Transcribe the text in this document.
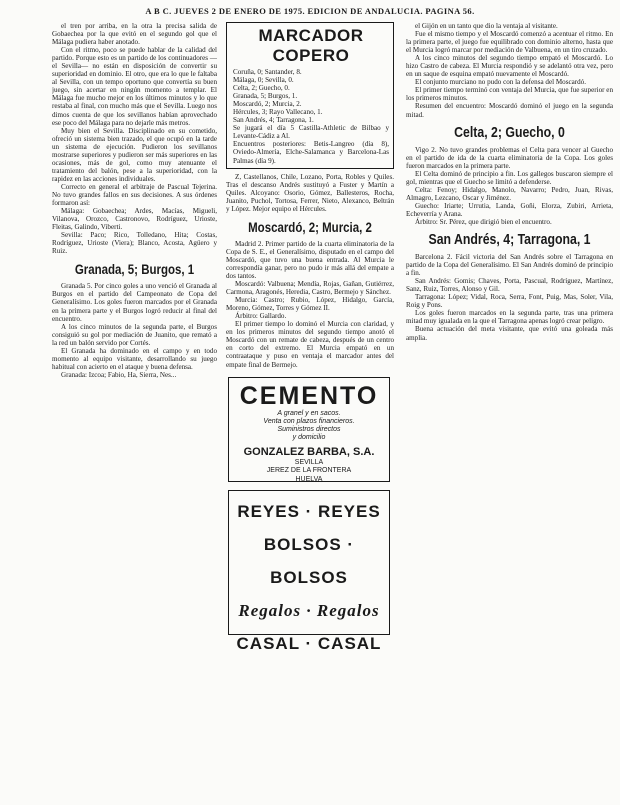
A B C. JUEVES 2 DE ENERO DE 1975. EDICION DE ANDALUCIA. PAGINA 56.

el tren por arriba, en la otra la precisa salida de Gobaechea por la que evitó en el segundo gol que el Málaga pudiera haber anotado.

Con el ritmo, poco se puede hablar de la calidad del partido. Porque esto es un partido de los continuadores —el Sevilla— no están en disposición de convertir su superioridad en dominio. El otro, que era lo que le faltaba al Sevilla, con un tempo oportuno que convertía su buen juego, sin acertar en ningún momento a templar. El Málaga fue mucho mejor en los últimos minutos y lo que restaba al final, con mucho más que el Sevilla. Luego nos dimos cuenta de que los sevillanos habían aprovechado ese poco del Málaga para no dejarle más metros.

Muy bien el Sevilla. Disciplinado en su cometido, ofreció un sistema bien trazado, el que ocupó en la tarde un sistema de ejecución. Pudieron los sevillanos mostrarse superiores y pudieron ser más superiores en las ocasiones, más de gol, como muy atenuante el tratamiento del balón, pese a la superioridad, con la rapidez en las acciones individuales.

Correcto en general el arbitraje de Pascual Tejerina. No tuvo grandes fallos en sus decisiones. A sus órdenes formaron así:

Málaga: Gobaechea; Ardes, Macías, Migueli, Vilanova, Orozco, Castronovo, Rodríguez, Urioste, Fleitas, Galindo, Viberti.

Sevilla: Paco; Rico, Tolledano, Hita; Costas, Rodríguez, Urioste (Viera); Blanco, Acosta, Agüero y Ruiz.

Granada, 5; Burgos, 1

Granada 5. Por cinco goles a uno venció el Granada al Burgos en el partido del Campeonato de Copa del Generalísimo. Los goles fueron marcados por el Granada en la primera parte y el Burgos logró reducir al final del encuentro.

A los cinco minutos de la segunda parte, el Burgos consiguió su gol por mediación de Juanito, que remató a la red un balón servido por Cortés.

El Granada ha dominado en el campo y en todo momento al equipo visitante, desarrollando su juego habitual con acierto en el ataque y buena defensa.

Granada: Izcoa; Fabio, Ha, Sierra, Nes...

MARCADOR COPERO

Coruña, 0; Santander, 8.

Málaga, 0; Sevilla, 0.

Celta, 2; Guecho, 0.

Granada, 5; Burgos, 1.

Moscardó, 2; Murcia, 2.

Hércules, 3; Rayo Vallecano, 1.

San Andrés, 4; Tarragona, 1.

Se jugará el día 5 Castilla-Athletic de Bilbao y Levante-Cádiz a Al.

Encuentros posteriores: Betis-Langreo (día 8), Oviedo-Almería, Elche-Salamanca y Barcelona-Las Palmas (día 9).

Z, Castellanos, Chile, Lozano, Porta, Robles y Quiles. Tras el descanso Andrés sustituyó a Fuster y Martín a Quiles. Alcoyano: Osorio, Gómez, Ballesteros, Rocha, Juanito, Puchol, Tortosa, Ferrer, Nieto, Alexanco, Beltrán y López. Mejor equipo el Hércules.

Moscardó, 2; Murcia, 2

Madrid 2. Primer partido de la cuarta eliminatoria de la Copa de S. E., el Generalísimo, disputado en el campo del Moscardó, que tuvo una buena entrada. Al Murcia le correspondía ganar, pero no pudo ir más allá del empate a dos tantos.

Moscardó: Valbuena; Mendía, Rojas, Gañan, Gutiérrez, Carmona, Aragonés, Heredia, Castro, Bermejo y Sánchez.

Murcia: Castro; Rubio, López, Hidalgo, García, Moreno, Gómez, Torres y Gómez II.

Árbitro: Gallardo.

El primer tiempo lo dominó el Murcia con claridad, y en los primeros minutos del segundo tiempo anotó el Moscardó con un remate de cabeza, después de un centro en corto del extremo. El Murcia empató en un contraataque y puso en ventaja el marcador antes del empate final de Bermejo.

CEMENTO
A granel y en sacos.
Venta con plazos financieros.
Suministros directos
y domicilio
GONZALEZ BARBA, S.A.
SEVILLA
JEREZ DE LA FRONTERA
HUELVA
REYES · REYES
BOLSOS · BOLSOS
Regalos · Regalos
CASAL · CASAL

el Gijón en un tanto que dio la ventaja al visitante.

Fue el mismo tiempo y el Moscardó comenzó a acentuar el ritmo. En la primera parte, el juego fue equilibrado con dominio alterno, hasta que el Murcia logró marcar por mediación de Valbuena, en un tiro cruzado.

A los cinco minutos del segundo tiempo empató el Moscardó. Lo hizo Castro de cabeza. El Murcia respondió y se adelantó otra vez, pero en un saque de esquina empató nuevamente el Moscardó.

El conjunto murciano no pudo con la defensa del Moscardó.

El primer tiempo terminó con ventaja del Murcia, que fue superior en los primeros minutos.

Resumen del encuentro: Moscardó dominó el juego en la segunda mitad.

Celta, 2; Guecho, 0

Vigo 2. No tuvo grandes problemas el Celta para vencer al Guecho en el partido de ida de la cuarta eliminatoria de la Copa. Los goles fueron marcados en la primera parte.

El Celta dominó de principio a fin. Los gallegos buscaron siempre el gol, mientras que el Guecho se limitó a defenderse.

Celta: Fenoy; Hidalgo, Manolo, Navarro; Pedro, Juan, Rivas, Almagro, Lezcano, Oscar y Jiménez.

Guecho: Iriarte; Urrutia, Landa, Goñi, Elorza, Zubiri, Arrieta, Echeverría y Arana.

Árbitro: Sr. Pérez, que dirigió bien el encuentro.

San Andrés, 4; Tarragona, 1

Barcelona 2. Fácil victoria del San Andrés sobre el Tarragona en partido de la Copa del Generalísimo. El San Andrés dominó de principio a fin.

San Andrés: Gomis; Chaves, Porta, Pascual, Rodríguez, Martínez, Sanz, Ruiz, Torres, Alonso y Gil.

Tarragona: López; Vidal, Roca, Serra, Font, Puig, Mas, Soler, Vila, Roig y Pons.

Los goles fueron marcados en la segunda parte, tras una primera mitad muy igualada en la que el Tarragona apenas logró crear peligro.

Buena actuación del meta visitante, que evitó una goleada más amplia.
